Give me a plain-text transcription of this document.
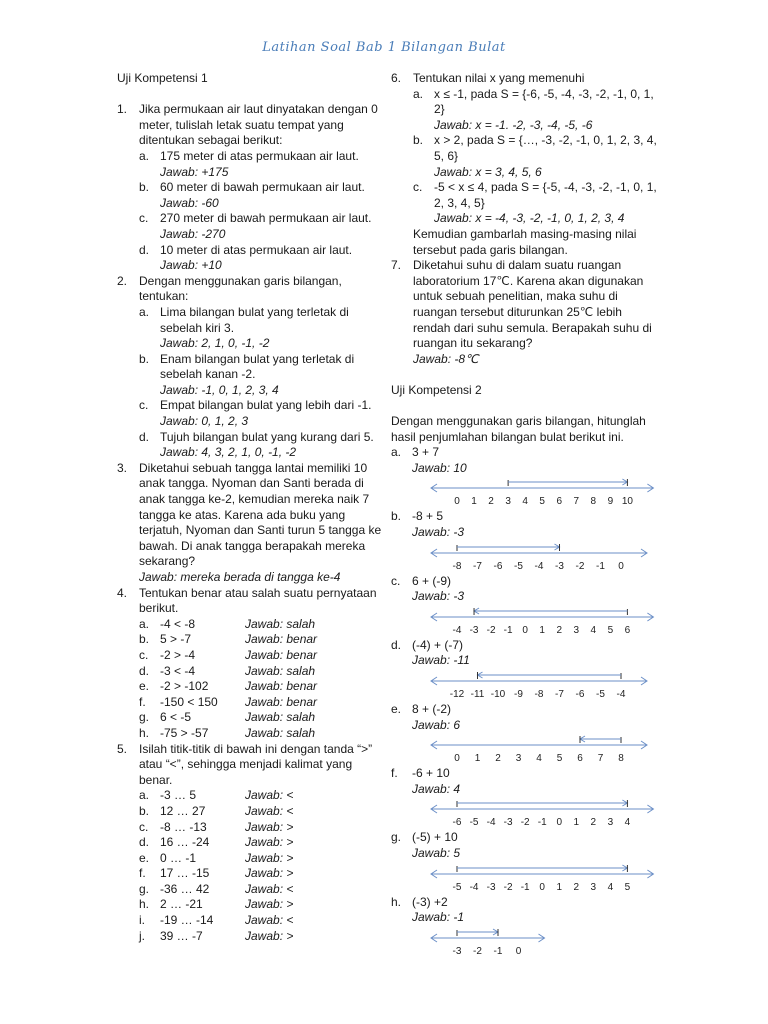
Latihan Soal Bab 1 Bilangan Bulat
Uji Kompetensi 1
1. Jika permukaan air laut dinyatakan dengan 0 meter, tulislah letak suatu tempat yang ditentukan sebagai berikut:
a. 175 meter di atas permukaan air laut.
Jawab: +175
b. 60 meter di bawah permukaan air laut.
Jawab: -60
c. 270 meter di bawah permukaan air laut.
Jawab: -270
d. 10 meter di atas permukaan air laut.
Jawab: +10
2. Dengan menggunakan garis bilangan, tentukan:
a. Lima bilangan bulat yang terletak di sebelah kiri 3.
Jawab: 2, 1, 0, -1, -2
b. Enam bilangan bulat yang terletak di sebelah kanan -2.
Jawab: -1, 0, 1, 2, 3, 4
c. Empat bilangan bulat yang lebih dari -1.
Jawab: 0, 1, 2, 3
d. Tujuh bilangan bulat yang kurang dari 5.
Jawab: 4, 3, 2, 1, 0, -1, -2
3. Diketahui sebuah tangga lantai memiliki 10 anak tangga. Nyoman dan Santi berada di anak tangga ke-2, kemudian mereka naik 7 tangga ke atas. Karena ada buku yang terjatuh, Nyoman dan Santi turun 5 tangga ke bawah. Di anak tangga berapakah mereka sekarang?
Jawab: mereka berada di tangga ke-4
4. Tentukan benar atau salah suatu pernyataan berikut.
a. -4 < -8	Jawab: salah
b. 5 > -7	Jawab: benar
c. -2 > -4	Jawab: benar
d. -3 < -4	Jawab: salah
e. -2 > -102	Jawab: benar
f. -150 < 150	Jawab: benar
g. 6 < -5	Jawab: salah
h. -75 > -57	Jawab: salah
5. Isilah titik-titik di bawah ini dengan tanda “>” atau “<”, sehingga menjadi kalimat yang benar.
a. -3 … 5	Jawab: <
b. 12 … 27	Jawab: <
c. -8 … -13	Jawab: >
d. 16 … -24	Jawab: >
e. 0 … -1	Jawab: >
f. 17 … -15	Jawab: >
g. -36 … 42	Jawab: <
h. 2 … -21	Jawab: >
i. -19 … -14	Jawab: <
j. 39 … -7	Jawab: >
6. Tentukan nilai x yang memenuhi
a. x ≤ -1, pada S = {-6, -5, -4, -3, -2, -1, 0, 1, 2}
Jawab: x = -1. -2, -3, -4, -5, -6
b. x > 2, pada S = {…, -3, -2, -1, 0, 1, 2, 3, 4, 5, 6}
Jawab: x = 3, 4, 5, 6
c. -5 < x ≤ 4, pada S = {-5, -4, -3, -2, -1, 0, 1, 2, 3, 4, 5}
Jawab: x = -4, -3, -2, -1, 0, 1, 2, 3, 4
Kemudian gambarlah masing-masing nilai tersebut pada garis bilangan.
7. Diketahui suhu di dalam suatu ruangan laboratorium 17℃. Karena akan digunakan untuk sebuah penelitian, maka suhu di ruangan tersebut diturunkan 25℃ lebih rendah dari suhu semula. Berapakah suhu di ruangan itu sekarang?
Jawab: -8℃
Uji Kompetensi 2
Dengan menggunakan garis bilangan, hitunglah hasil penjumlahan bilangan bulat berikut ini.
a. 3 + 7
Jawab: 10
0 1 2 3 4 5 6 7 8 9 10
b. -8 + 5
Jawab: -3
-8 -7 -6 -5 -4 -3 -2 -1 0
c. 6 + (-9)
Jawab: -3
-4 -3 -2 -1 0 1 2 3 4 5 6
d. (-4) + (-7)
Jawab: -11
-12 -11 -10 -9 -8 -7 -6 -5 -4
e. 8 + (-2)
Jawab: 6
0 1 2 3 4 5 6 7 8
f. -6 + 10
Jawab: 4
-6 -5 -4 -3 -2 -1 0 1 2 3 4
g. (-5) + 10
Jawab: 5
-5 -4 -3 -2 -1 0 1 2 3 4 5
h. (-3) +2
Jawab: -1
-3 -2 -1 0
